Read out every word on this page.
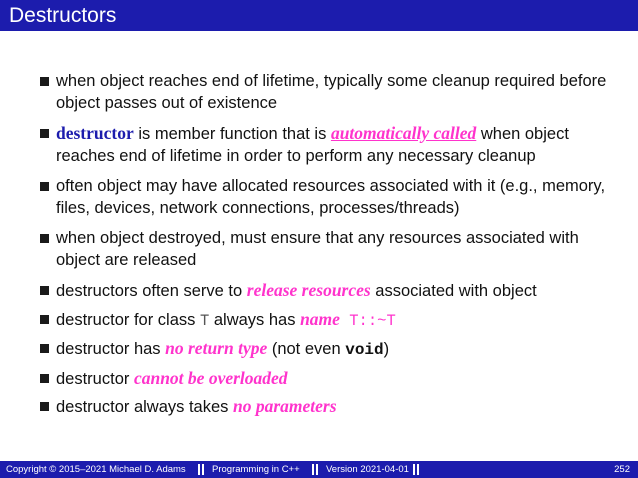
Destructors
when object reaches end of lifetime, typically some cleanup required before object passes out of existence
destructor is member function that is automatically called when object reaches end of lifetime in order to perform any necessary cleanup
often object may have allocated resources associated with it (e.g., memory, files, devices, network connections, processes/threads)
when object destroyed, must ensure that any resources associated with object are released
destructors often serve to release resources associated with object
destructor for class T always has name T::~T
destructor has no return type (not even void)
destructor cannot be overloaded
destructor always takes no parameters
Copyright © 2015–2021 Michael D. Adams	Programming in C++	Version 2021-04-01	252
